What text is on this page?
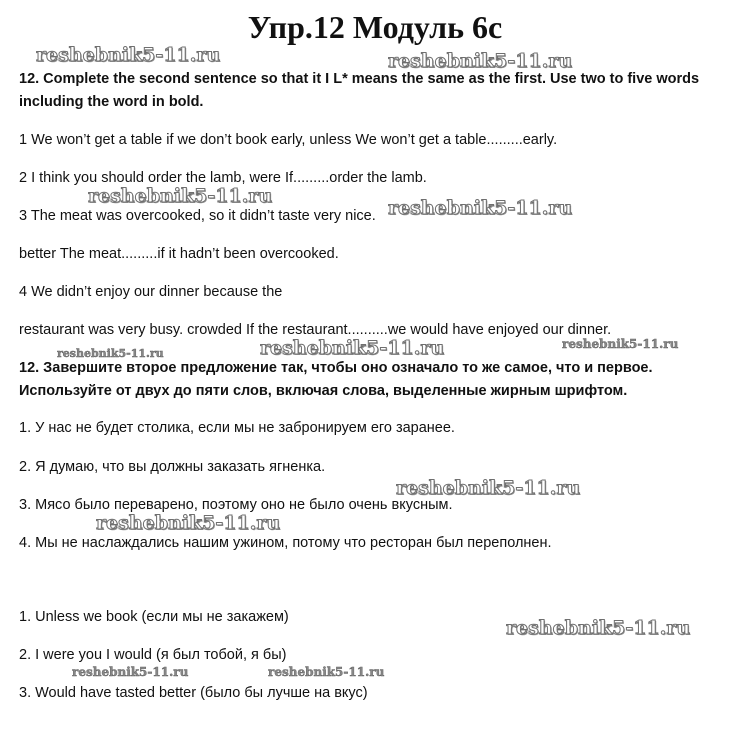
Упр.12 Модуль 6с
12. Complete the second sentence so that it I L* means the same as the first. Use two to five words
including the word in bold.
1 We won’t get a table if we don’t book early, unless We won’t get a table.........early.
2 I think you should order the lamb, were If.........order the lamb.
3 The meat was overcooked, so it didn’t taste very nice.
better The meat.........if it hadn’t been overcooked.
4 We didn’t enjoy our dinner because the
restaurant was very busy. crowded If the restaurant..........we would have enjoyed our dinner.
12. Завершите второе предложение так, чтобы оно означало то же самое, что и первое.
Используйте от двух до пяти слов, включая слова, выделенные жирным шрифтом.
1. У нас не будет столика, если мы не забронируем его заранее.
2. Я думаю, что вы должны заказать ягненка.
3. Мясо было переварено, поэтому оно не было очень вкусным.
4. Мы не наслаждались нашим ужином, потому что ресторан был переполнен.
1. Unless we book (если мы не закажем)
2. I were you I would (я был тобой, я бы)
3. Would have tasted better (было бы лучше на вкус)
reshebnik5-11.ru	reshebnik5-11.ru
reshebnik5-11.ru
reshebnik5-11.ru
reshebnik5-11.ru	reshebnik5-11.ru	reshebnik5-11.ru
reshebnik5-11.ru
reshebnik5-11.ru
reshebnik5-11.ru
reshebnik5-11.ru	reshebnik5-11.ru
